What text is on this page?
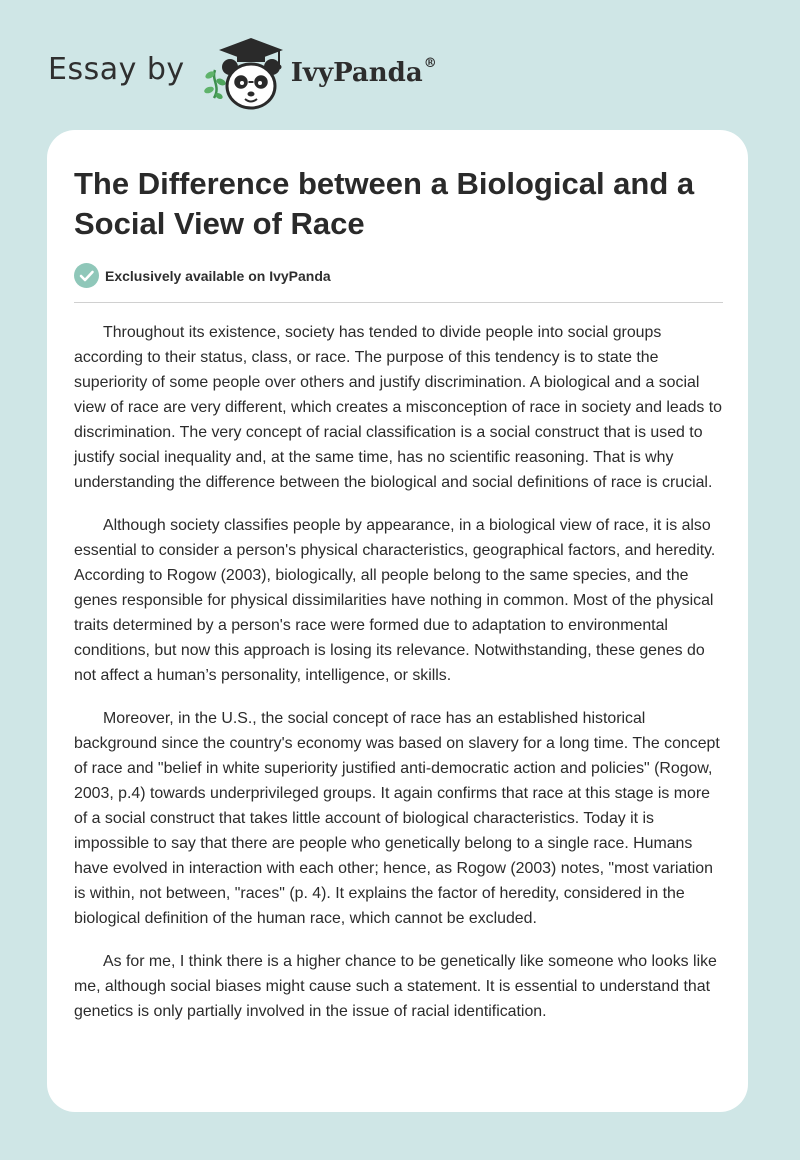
Essay by	IvyPanda®
The Difference between a Biological and a Social View of Race
Exclusively available on IvyPanda

Throughout its existence, society has tended to divide people into social groups according to their status, class, or race. The purpose of this tendency is to state the superiority of some people over others and justify discrimination. A biological and a social view of race are very different, which creates a misconception of race in society and leads to discrimination. The very concept of racial classification is a social construct that is used to justify social inequality and, at the same time, has no scientific reasoning. That is why understanding the difference between the biological and social definitions of race is crucial.

Although society classifies people by appearance, in a biological view of race, it is also essential to consider a person's physical characteristics, geographical factors, and heredity. According to Rogow (2003), biologically, all people belong to the same species, and the genes responsible for physical dissimilarities have nothing in common. Most of the physical traits determined by a person's race were formed due to adaptation to environmental conditions, but now this approach is losing its relevance. Notwithstanding, these genes do not affect a human’s personality, intelligence, or skills.

Moreover, in the U.S., the social concept of race has an established historical background since the country's economy was based on slavery for a long time. The concept of race and "belief in white superiority justified anti-democratic action and policies" (Rogow, 2003, p.4) towards underprivileged groups. It again confirms that race at this stage is more of a social construct that takes little account of biological characteristics. Today it is impossible to say that there are people who genetically belong to a single race. Humans have evolved in interaction with each other; hence, as Rogow (2003) notes, "most variation is within, not between, "races" (p. 4). It explains the factor of heredity, considered in the biological definition of the human race, which cannot be excluded.

As for me, I think there is a higher chance to be genetically like someone who looks like me, although social biases might cause such a statement. It is essential to understand that genetics is only partially involved in the issue of racial identification.
